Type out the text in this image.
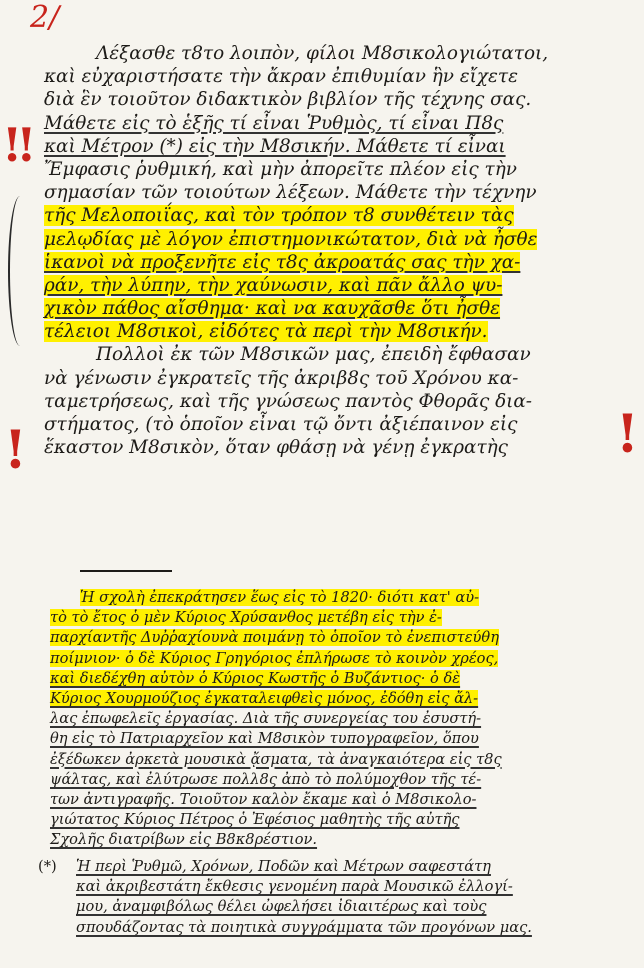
2/
!!
!	!
Λέξασθε τ8το λοιπὸν, φίλοι Μ8σικολογιώτατοι,
καὶ εὐχαριστήσατε τὴν ἄκραν ἐπιθυμίαν ἣν εἴχετε
διὰ ἓν τοιοῦτον διδακτικὸν βιβλίον τῆς τέχνης σας.
Μάθετε εἰς τὸ ἑξῆς τί εἶναι Ῥυθμὸς, τί εἶναι Π8ς
καὶ Μέτρον (*) εἰς τὴν Μ8σικήν. Μάθετε τί εἶναι
Ἔμφασις ῥυθμική, καὶ μὴν ἀπορεῖτε πλέον εἰς τὴν
σημασίαν τῶν τοιούτων λέξεων. Μάθετε τὴν τέχνην
τῆς Μελοποιΐας, καὶ τὸν τρόπον τ8 συνθέτειν τὰς
μελῳδίας μὲ λόγον ἐπιστημονικώτατον, διὰ νὰ ἦσθε
ἱκανοὶ νὰ προξενῆτε εἰς τ8ς ἀκροατάς σας τὴν χα-
ράν, τὴν λύπην, τὴν χαύνωσιν, καὶ πᾶν ἄλλο ψυ-
χικὸν πάθος αἴσθημα· καὶ να καυχᾶσθε ὅτι ἦσθε
τέλειοι Μ8σικοὶ, εἰδότες τὰ περὶ τὴν Μ8σικήν.
Πολλοὶ ἐκ τῶν Μ8σικῶν μας, ἐπειδὴ ἔφθασαν
νὰ γένωσιν ἐγκρατεῖς τῆς ἀκριβ8ς τοῦ Χρόνου κα-
ταμετρήσεως, καὶ τῆς γνώσεως παντὸς Φθορᾶς δια-
στήματος, (τὸ ὁποῖον εἶναι τῷ ὄντι ἀξιέπαινον εἰς
ἕκαστον Μ8σικὸν, ὅταν φθάσῃ νὰ γένῃ ἐγκρατὴς
Ἡ σχολὴ ἐπεκράτησεν ἕως εἰς τὸ 1820· διότι κατ' αὐ-
τὸ τὸ ἔτος ὁ μὲν Κύριος Χρύσανθος μετέβη εἰς τὴν ἐ-
παρχίαντῆς Δυῤῥαχίουνὰ ποιμάνῃ τὸ ὁποῖον τὸ ἐνεπιστεύθη
ποίμνιον· ὁ δὲ Κύριος Γρηγόριος ἐπλήρωσε τὸ κοινὸν χρέος,
καὶ διεδέχθη αὐτὸν ὁ Κύριος Κωστῆς ὁ Βυζάντιος· ὁ δὲ
Κύριος Χουρμούζιος ἐγκαταλειφθεὶς μόνος, ἐδόθη εἰς ἄλ-
λας ἐπωφελεῖς ἐργασίας. Διὰ τῆς συνεργείας του ἐσυστή-
θη εἰς τὸ Πατριαρχεῖον καὶ Μ8σικὸν τυπογραφεῖον, ὅπου
ἐξέδωκεν ἀρκετὰ μουσικὰ ᾄσματα, τὰ ἀναγκαιότερα εἰς τ8ς
ψάλτας, καὶ ἐλύτρωσε πολλ8ς ἀπὸ τὸ πολύμοχθον τῆς τέ-
των ἀντιγραφῆς. Τοιοῦτον καλὸν ἔκαμε καὶ ὁ Μ8σικολο-
γιώτατος Κύριος Πέτρος ὁ Ἐφέσιος μαθητὴς τῆς αὐτῆς
Σχολῆς διατρίβων εἰς Β8κ8ρέστιον.
(*) Ἡ περὶ Ῥυθμῶ, Χρόνων, Ποδῶν καὶ Μέτρων σαφεστάτη
καὶ ἀκριβεστάτη ἔκθεσις γενομένη παρὰ Μουσικῶ ἐλλογί-
μου, ἀναμφιβόλως θέλει ὠφελήσει ἰδιαιτέρως καὶ τοὺς
σπουδάζοντας τὰ ποιητικὰ συγγράμματα τῶν προγόνων μας.
